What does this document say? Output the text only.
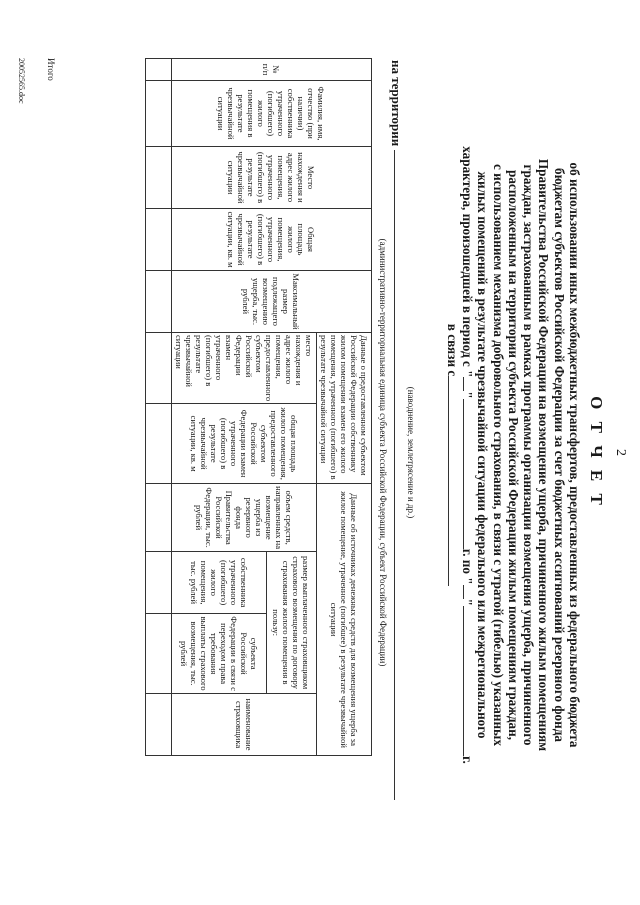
2
О Т Ч Е Т
об использовании иных межбюджетных трансфертов, предоставленных из федерального бюджета
бюджетам субъектов Российской Федерации за счет бюджетных ассигнований резервного фонда
Правительства Российской Федерации на возмещение ущерба, причиненного жилым помещениям
граждан, застрахованным в рамках программы организации возмещения ущерба, причиненного
расположенным на территории субъекта Российской Федерации жилым помещениям граждан,
с использованием механизма добровольного страхования, в связи с утратой (гибелью) указанных
жилых помещений в результате чрезвычайной ситуации федерального или межрегионального
характера, произошедшей в период с ""г. по ""г.
в связи с
(наводнение, землетрясение и др.)
на территории
(административно-территориальная единица субъекта Российской Федерации, субъект Российской Федерации)
№ п/п	Фамилия, имя, отчество (при наличии) собственника утраченного (погибшего) жилого помещения в результате чрезвычайной ситуации	Место нахождения и адрес жилого помещения, утраченного (погибшего) в результате чрезвычайной ситуации	Общая площадь жилого помещения, утраченного (погибшего) в результате чрезвычайной ситуации, кв. м	Максимальный размер подлежащего возмещению ущерба, тыс. рублей	Данные о предоставленном субъектом Российской Федерации собственнику жилом помещении взамен его жилого помещения, утраченного (погибшего) в результате чрезвычайной ситуации		Данные об источниках денежных средств для возмещения ущерба за жилое помещение, утраченное (погибшее) в результате чрезвычайной ситуации			
					место нахождения и адрес жилого помещения, предоставленного субъектом Российской Федерации взамен утраченного (погибшего) в результате чрезвычайной ситуации	общая площадь жилого помещения, предоставленного субъектом Российской Федерации взамен утраченного (погибшего) в результате чрезвычайной ситуации, кв. м	объем средств, направленных на возмещение ущерба из резервного фонда Правительства Российской Федерации, тыс. рублей	размер выплаченного страховщиком страхового возмещения по договору страхования жилого помещения в пользу:		наименование страховщика
								собственника утраченного (погибшего) жилого помещения, тыс. рублей	субъекта Российской Федерации в связи с переходом права требования выплаты страхового возмещения, тыс. рублей	

Итого
20052565.doc
